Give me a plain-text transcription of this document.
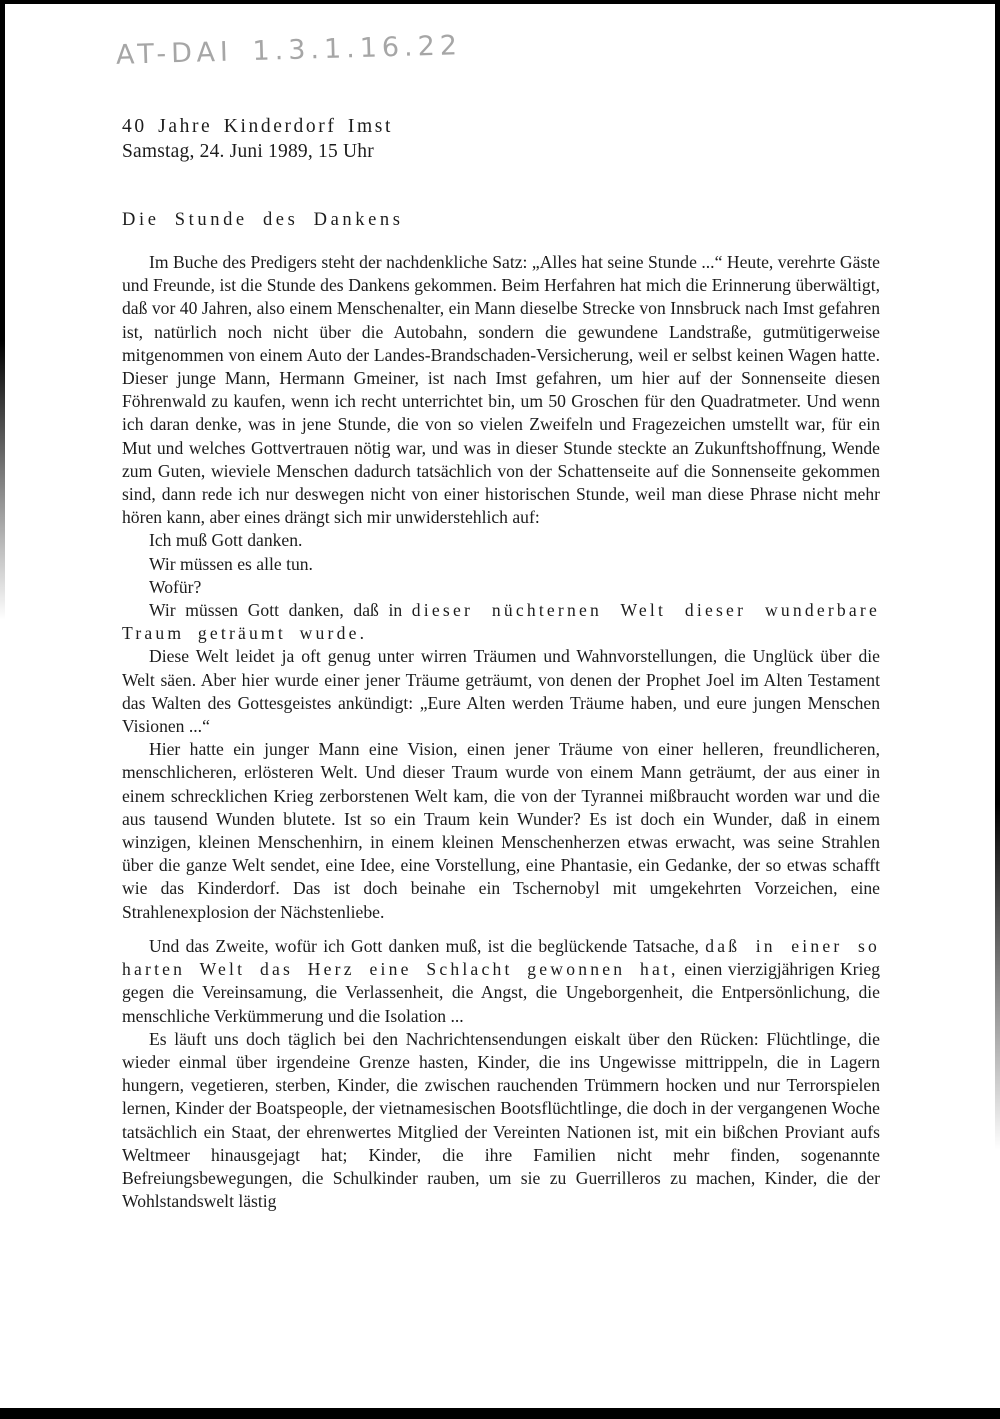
AT-DAI 1.3.1.16.22
40 Jahre Kinderdorf Imst
Samstag, 24. Juni 1989, 15 Uhr
Die Stunde des Dankens

Im Buche des Predigers steht der nachdenkliche Satz: „Alles hat seine Stunde ...“ Heute, verehrte Gäste und Freunde, ist die Stunde des Dankens gekommen. Beim Herfahren hat mich die Erinnerung überwältigt, daß vor 40 Jahren, also einem Menschenalter, ein Mann dieselbe Strecke von Innsbruck nach Imst gefahren ist, natürlich noch nicht über die Autobahn, sondern die gewundene Landstraße, gutmütigerweise mitgenommen von einem Auto der Landes-Brandschaden-Versicherung, weil er selbst keinen Wagen hatte. Dieser junge Mann, Hermann Gmeiner, ist nach Imst gefahren, um hier auf der Sonnenseite diesen Föhrenwald zu kaufen, wenn ich recht unterrichtet bin, um 50 Groschen für den Quadratmeter. Und wenn ich daran denke, was in jene Stunde, die von so vielen Zweifeln und Fragezeichen umstellt war, für ein Mut und welches Gottvertrauen nötig war, und was in dieser Stunde steckte an Zukunftshoffnung, Wende zum Guten, wieviele Menschen dadurch tatsächlich von der Schattenseite auf die Sonnenseite gekommen sind, dann rede ich nur deswegen nicht von einer historischen Stunde, weil man diese Phrase nicht mehr hören kann, aber eines drängt sich mir unwiderstehlich auf:

Ich muß Gott danken.

Wir müssen es alle tun.

Wofür?

Wir müssen Gott danken, daß in dieser nüchternen Welt dieser wunderbare Traum geträumt wurde.

Diese Welt leidet ja oft genug unter wirren Träumen und Wahnvorstellungen, die Unglück über die Welt säen. Aber hier wurde einer jener Träume geträumt, von denen der Prophet Joel im Alten Testament das Walten des Gottesgeistes ankündigt: „Eure Alten werden Träume haben, und eure jungen Menschen Visionen ...“

Hier hatte ein junger Mann eine Vision, einen jener Träume von einer helleren, freundlicheren, menschlicheren, erlösteren Welt. Und dieser Traum wurde von einem Mann geträumt, der aus einer in einem schrecklichen Krieg zerborstenen Welt kam, die von der Tyrannei mißbraucht worden war und die aus tausend Wunden blutete. Ist so ein Traum kein Wunder? Es ist doch ein Wunder, daß in einem winzigen, kleinen Menschenhirn, in einem kleinen Menschenherzen etwas erwacht, was seine Strahlen über die ganze Welt sendet, eine Idee, eine Vorstellung, eine Phantasie, ein Gedanke, der so etwas schafft wie das Kinderdorf. Das ist doch beinahe ein Tschernobyl mit umgekehrten Vorzeichen, eine Strahlenexplosion der Nächstenliebe.

Und das Zweite, wofür ich Gott danken muß, ist die beglückende Tatsache, daß in einer so harten Welt das Herz eine Schlacht gewonnen hat, einen vierzigjährigen Krieg gegen die Vereinsamung, die Verlassenheit, die Angst, die Ungeborgenheit, die Entpersönlichung, die menschliche Verkümmerung und die Isolation ...

Es läuft uns doch täglich bei den Nachrichtensendungen eiskalt über den Rücken: Flüchtlinge, die wieder einmal über irgendeine Grenze hasten, Kinder, die ins Ungewisse mittrippeln, die in Lagern hungern, vegetieren, sterben, Kinder, die zwischen rauchenden Trümmern hocken und nur Terrorspielen lernen, Kinder der Boatspeople, der vietnamesischen Bootsflüchtlinge, die doch in der vergangenen Woche tatsächlich ein Staat, der ehrenwertes Mitglied der Vereinten Nationen ist, mit ein bißchen Proviant aufs Weltmeer hinausgejagt hat; Kinder, die ihre Familien nicht mehr finden, sogenannte Befreiungsbewegungen, die Schulkinder rauben, um sie zu Guerrilleros zu machen, Kinder, die der Wohlstandswelt lästig
